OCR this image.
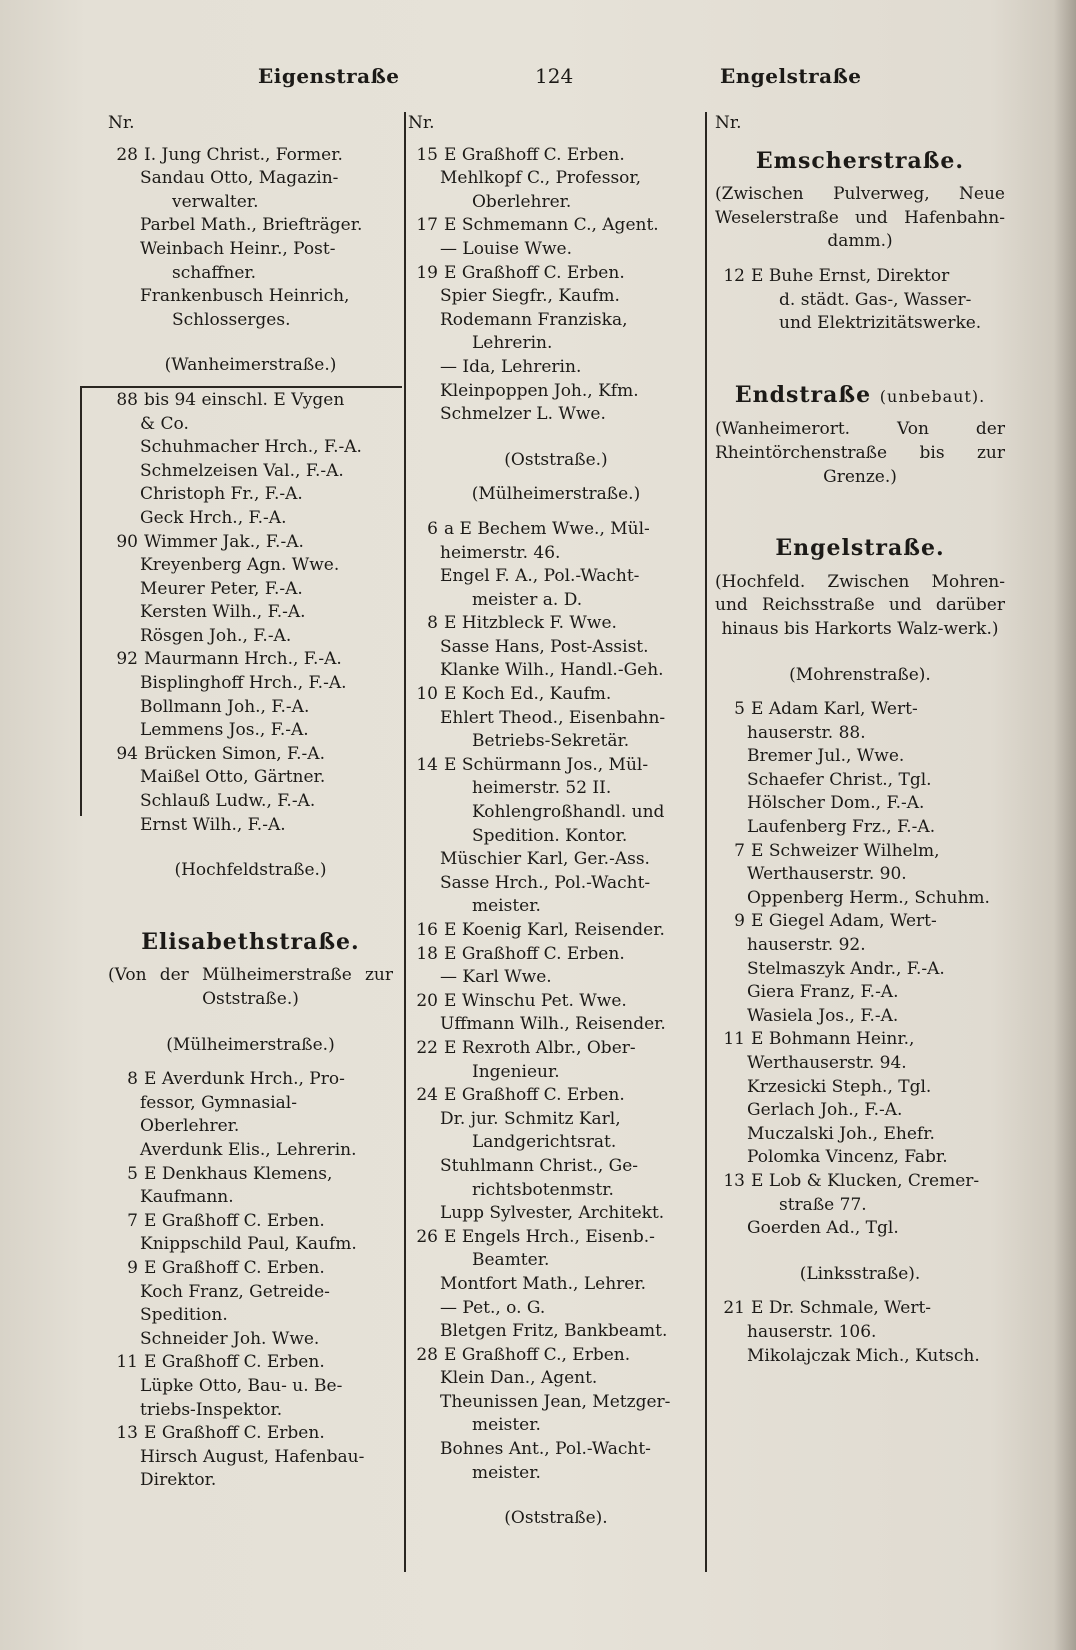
Eigenstraße	124	Engelstraße
Nr.
28 I. Jung Christ., Former.
Sandau Otto, Magazin-
verwalter.
Parbel Math., Briefträger.
Weinbach Heinr., Post-
schaffner.
Frankenbusch Heinrich,
Schlosserges.
(Wanheimerstraße.)
88 bis 94 einschl. E Vygen
& Co.
Schuhmacher Hrch., F.-A.
Schmelzeisen Val., F.-A.
Christoph Fr., F.-A.
Geck Hrch., F.-A.
90 Wimmer Jak., F.-A.
Kreyenberg Agn. Wwe.
Meurer Peter, F.-A.
Kersten Wilh., F.-A.
Rösgen Joh., F.-A.
92 Maurmann Hrch., F.-A.
Bisplinghoff Hrch., F.-A.
Bollmann Joh., F.-A.
Lemmens Jos., F.-A.
94 Brücken Simon, F.-A.
Maißel Otto, Gärtner.
Schlauß Ludw., F.-A.
Ernst Wilh., F.-A.
(Hochfeldstraße.)
Elisabethstraße.
(Von der Mülheimerstraße zur Oststraße.)
(Mülheimerstraße.)
8 E Averdunk Hrch., Pro-
fessor, Gymnasial-
Oberlehrer.
Averdunk Elis., Lehrerin.
5 E Denkhaus Klemens,
Kaufmann.
7 E Graßhoff C. Erben.
Knippschild Paul, Kaufm.
9 E Graßhoff C. Erben.
Koch Franz, Getreide-
Spedition.
Schneider Joh. Wwe.
11 E Graßhoff C. Erben.
Lüpke Otto, Bau- u. Be-
triebs-Inspektor.
13 E Graßhoff C. Erben.
Hirsch August, Hafenbau-
Direktor.
Nr.
15 E Graßhoff C. Erben.
Mehlkopf C., Professor,
Oberlehrer.
17 E Schmemann C., Agent.
— Louise Wwe.
19 E Graßhoff C. Erben.
Spier Siegfr., Kaufm.
Rodemann Franziska,
Lehrerin.
— Ida, Lehrerin.
Kleinpoppen Joh., Kfm.
Schmelzer L. Wwe.
(Oststraße.)
(Mülheimerstraße.)
6 a E Bechem Wwe., Mül-
heimerstr. 46.
Engel F. A., Pol.-Wacht-
meister a. D.
8 E Hitzbleck F. Wwe.
Sasse Hans, Post-Assist.
Klanke Wilh., Handl.-Geh.
10 E Koch Ed., Kaufm.
Ehlert Theod., Eisenbahn-
Betriebs-Sekretär.
14 E Schürmann Jos., Mül-
heimerstr. 52 II.
Kohlengroßhandl. und
Spedition. Kontor.
Müschier Karl, Ger.-Ass.
Sasse Hrch., Pol.-Wacht-
meister.
16 E Koenig Karl, Reisender.
18 E Graßhoff C. Erben.
— Karl Wwe.
20 E Winschu Pet. Wwe.
Uffmann Wilh., Reisender.
22 E Rexroth Albr., Ober-
Ingenieur.
24 E Graßhoff C. Erben.
Dr. jur. Schmitz Karl,
Landgerichtsrat.
Stuhlmann Christ., Ge-
richtsbotenmstr.
Lupp Sylvester, Architekt.
26 E Engels Hrch., Eisenb.-
Beamter.
Montfort Math., Lehrer.
— Pet., o. G.
Bletgen Fritz, Bankbeamt.
28 E Graßhoff C., Erben.
Klein Dan., Agent.
Theunissen Jean, Metzger-
meister.
Bohnes Ant., Pol.-Wacht-
meister.
(Oststraße).
Nr.
Emscherstraße.
(Zwischen Pulverweg, Neue Weselerstraße und Hafenbahn-damm.)
12 E Buhe Ernst, Direktor
d. städt. Gas-, Wasser-
und Elektrizitätswerke.
Endstraße (unbebaut).
(Wanheimerort. Von der Rheintörchenstraße bis zur Grenze.)
Engelstraße.
(Hochfeld. Zwischen Mohren- und Reichsstraße und darüber hinaus bis Harkorts Walz-werk.)
(Mohrenstraße).
5 E Adam Karl, Wert-
hauserstr. 88.
Bremer Jul., Wwe.
Schaefer Christ., Tgl.
Hölscher Dom., F.-A.
Laufenberg Frz., F.-A.
7 E Schweizer Wilhelm,
Werthauserstr. 90.
Oppenberg Herm., Schuhm.
9 E Giegel Adam, Wert-
hauserstr. 92.
Stelmaszyk Andr., F.-A.
Giera Franz, F.-A.
Wasiela Jos., F.-A.
11 E Bohmann Heinr.,
Werthauserstr. 94.
Krzesicki Steph., Tgl.
Gerlach Joh., F.-A.
Muczalski Joh., Ehefr.
Polomka Vincenz, Fabr.
13 E Lob & Klucken, Cremer-
straße 77.
Goerden Ad., Tgl.
(Linksstraße).
21 E Dr. Schmale, Wert-
hauserstr. 106.
Mikolajczak Mich., Kutsch.
